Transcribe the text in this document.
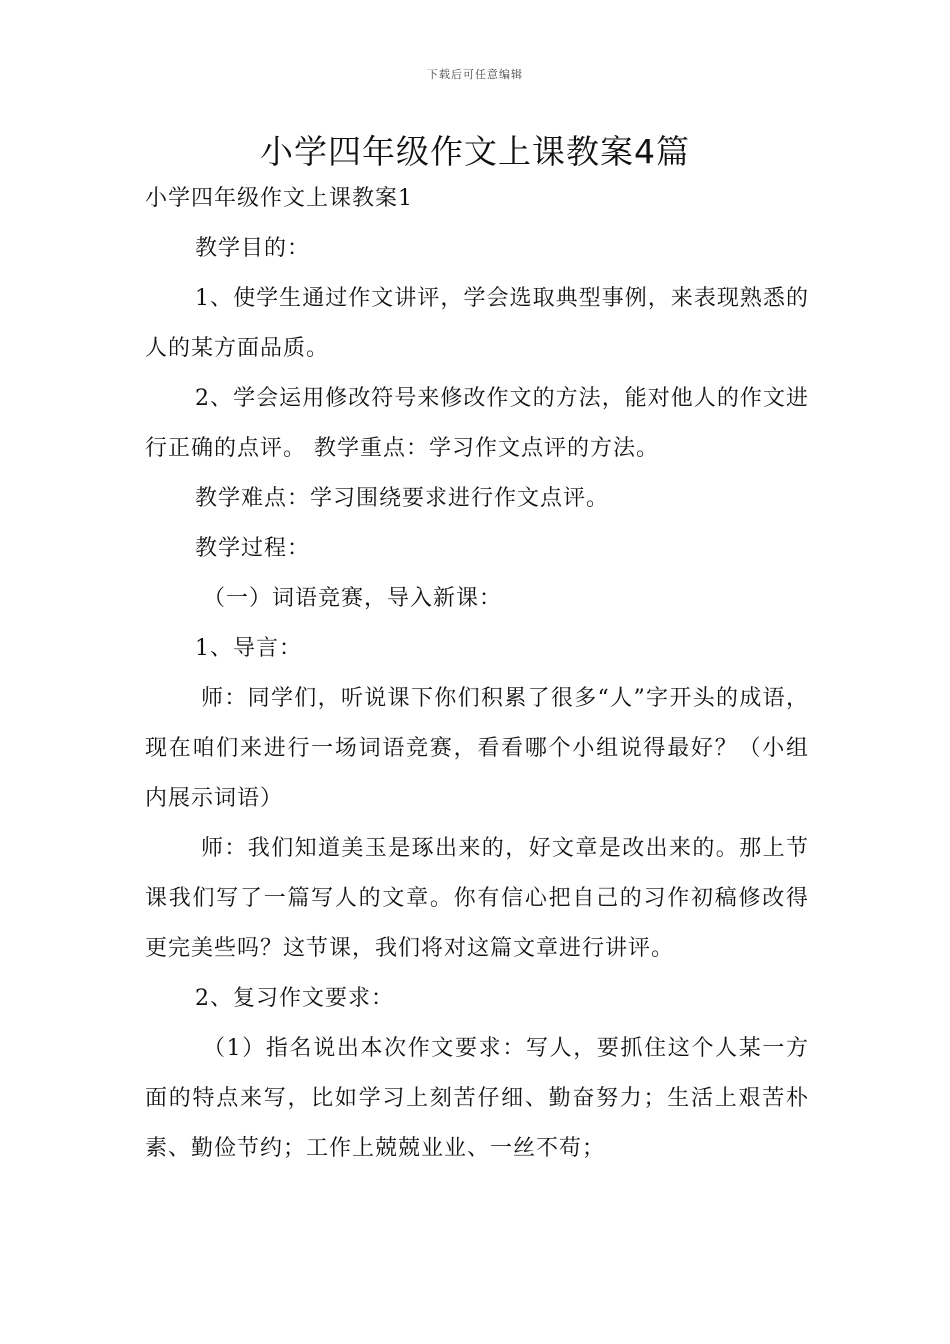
下载后可任意编辑
小学四年级作文上课教案4篇

小学四年级作文上课教案1

教学目的：

1、使学生通过作文讲评，学会选取典型事例，来表现熟悉的人的某方面品质。

2、学会运用修改符号来修改作文的方法，能对他人的作文进行正确的点评。 教学重点：学习作文点评的方法。

教学难点：学习围绕要求进行作文点评。

教学过程：

（一）词语竞赛，导入新课：

1、导言：

师：同学们，听说课下你们积累了很多“人”字开头的成语，现在咱们来进行一场词语竞赛，看看哪个小组说得最好？（小组内展示词语）

师：我们知道美玉是琢出来的，好文章是改出来的。那上节课我们写了一篇写人的文章。你有信心把自己的习作初稿修改得更完美些吗？这节课，我们将对这篇文章进行讲评。

2、复习作文要求：

（1）指名说出本次作文要求：写人，要抓住这个人某一方面的特点来写，比如学习上刻苦仔细、勤奋努力；生活上艰苦朴素、勤俭节约；工作上兢兢业业、一丝不苟；
